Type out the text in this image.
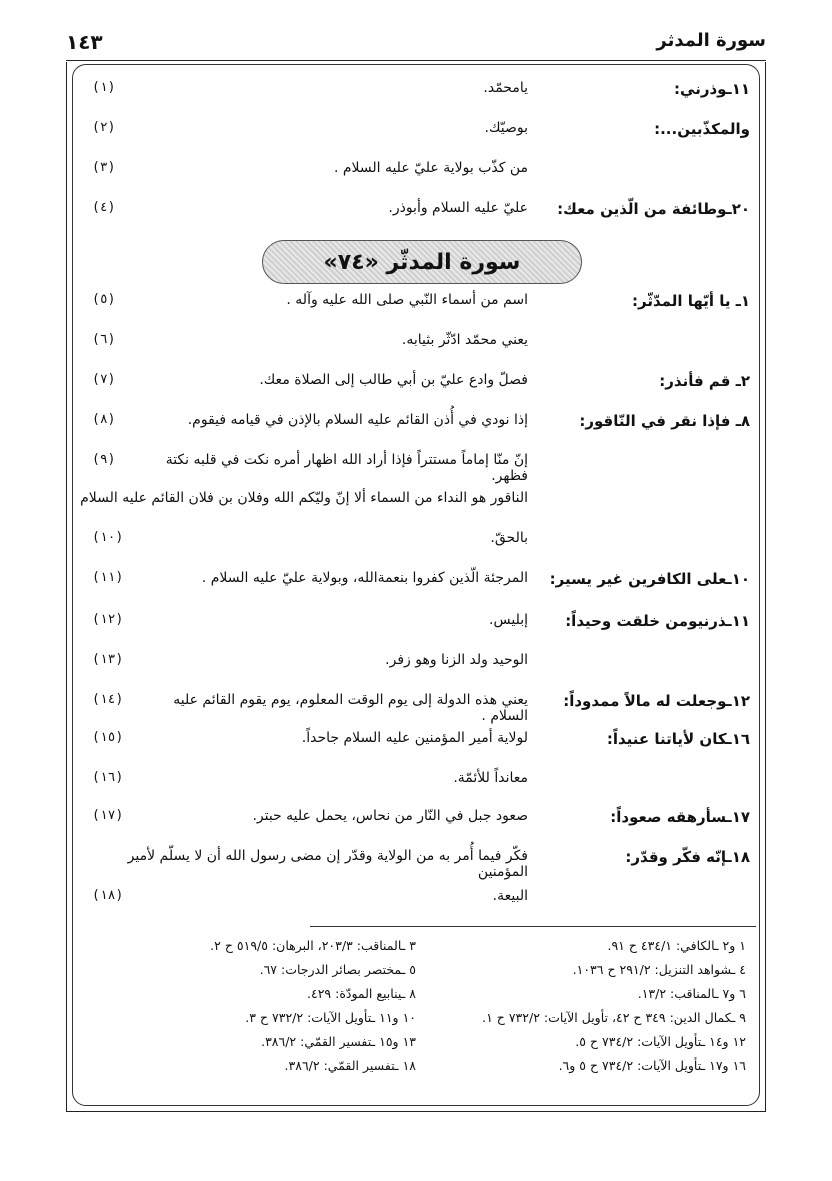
١٤٣	سورة المدثر
سورة المدثّر «٧٤»
١١ـوذرني:
يامحمّد.
(١)
والمكذّبين...:
بوصيّك.
(٢)
من كذّب بولاية عليّ عليه السلام .
(٣)
٢٠ـوطائفة من الّذين معك:
عليّ عليه السلام وأبوذر.
(٤)
١ـ يا أيّها المدّثّر:
اسم من أسماء النّبي صلى الله عليه وآله .
(٥)
يعني محمّد ادّثّر بثيابه.
(٦)
٢ـ قم فأنذر:
فصلّ وادع عليّ بن أبي طالب إلى الصلاة معك.
(٧)
٨ـ فإذا نقر في النّاقور:
إذا نودي في أُذن القائم عليه السلام بالإذن في قيامه فيقوم.
(٨)
إنّ منّا إماماً مستتراً فإذا أراد الله اظهار أمره نكت في قلبه نكتة فظهر.
(٩)
الناقور هو النداء من السماء ألا إنّ وليّكم الله وفلان بن فلان القائم عليه السلام
بالحقّ.
(١٠)
١٠ـعلى الكافرين غير يسير:
المرجئة الّذين كفروا بنعمةالله، وبولاية عليّ عليه السلام .
(١١)
١١ـذرنيومن خلقت وحيداً:
إبليس.
(١٢)
الوحيد ولد الزنا وهو زفر.
(١٣)
١٢ـوجعلت له مالاً ممدوداً:
يعني هذه الدولة إلى يوم الوقت المعلوم، يوم يقوم القائم عليه السلام .
(١٤)
١٦ـكان لأياتنا عنيداً:
لولاية أمير المؤمنين عليه السلام جاحداً.
(١٥)
معانداً للأئمّة.
(١٦)
١٧ـسأرهقه صعوداً:
صعود جبل في النّار من نحاس، يحمل عليه حبتر.
(١٧)
١٨ـإنّه فكّر وقدّر:
فكّر فيما أُمر به من الولاية وقدّر إن مضى رسول الله أن لا يسلّم لأمير المؤمنين
البيعة.
(١٨)
١ و٢ ـالكافي: ٤٣٤/١ ح ٩١.
٤ ـشواهد التنزيل: ٢٩١/٢ ح ١٠٣٦.
٦ و٧ ـالمناقب: ١٣/٢.
٩ ـكمال الدين: ٣٤٩ ح ٤٢، تأويل الآيات: ٧٣٢/٢ ح ١.
١٢ و١٤ ـتأويل الآيات: ٧٣٤/٢ ح ٥.
١٦ و١٧ ـتأويل الآيات: ٧٣٤/٢ ح ٥ و٦.
٣ ـالمناقب: ٢٠٣/٣، البرهان: ٥١٩/٥ ح ٢.
٥ ـمختصر بصائر الدرجات: ٦٧.
٨ ـينابيع المودّة: ٤٢٩.
١٠ و١١ ـتأويل الآيات: ٧٣٢/٢ ح ٣.
١٣ و١٥ ـتفسير القمّي: ٣٨٦/٢.
١٨ ـتفسير القمّي: ٣٨٦/٢.
